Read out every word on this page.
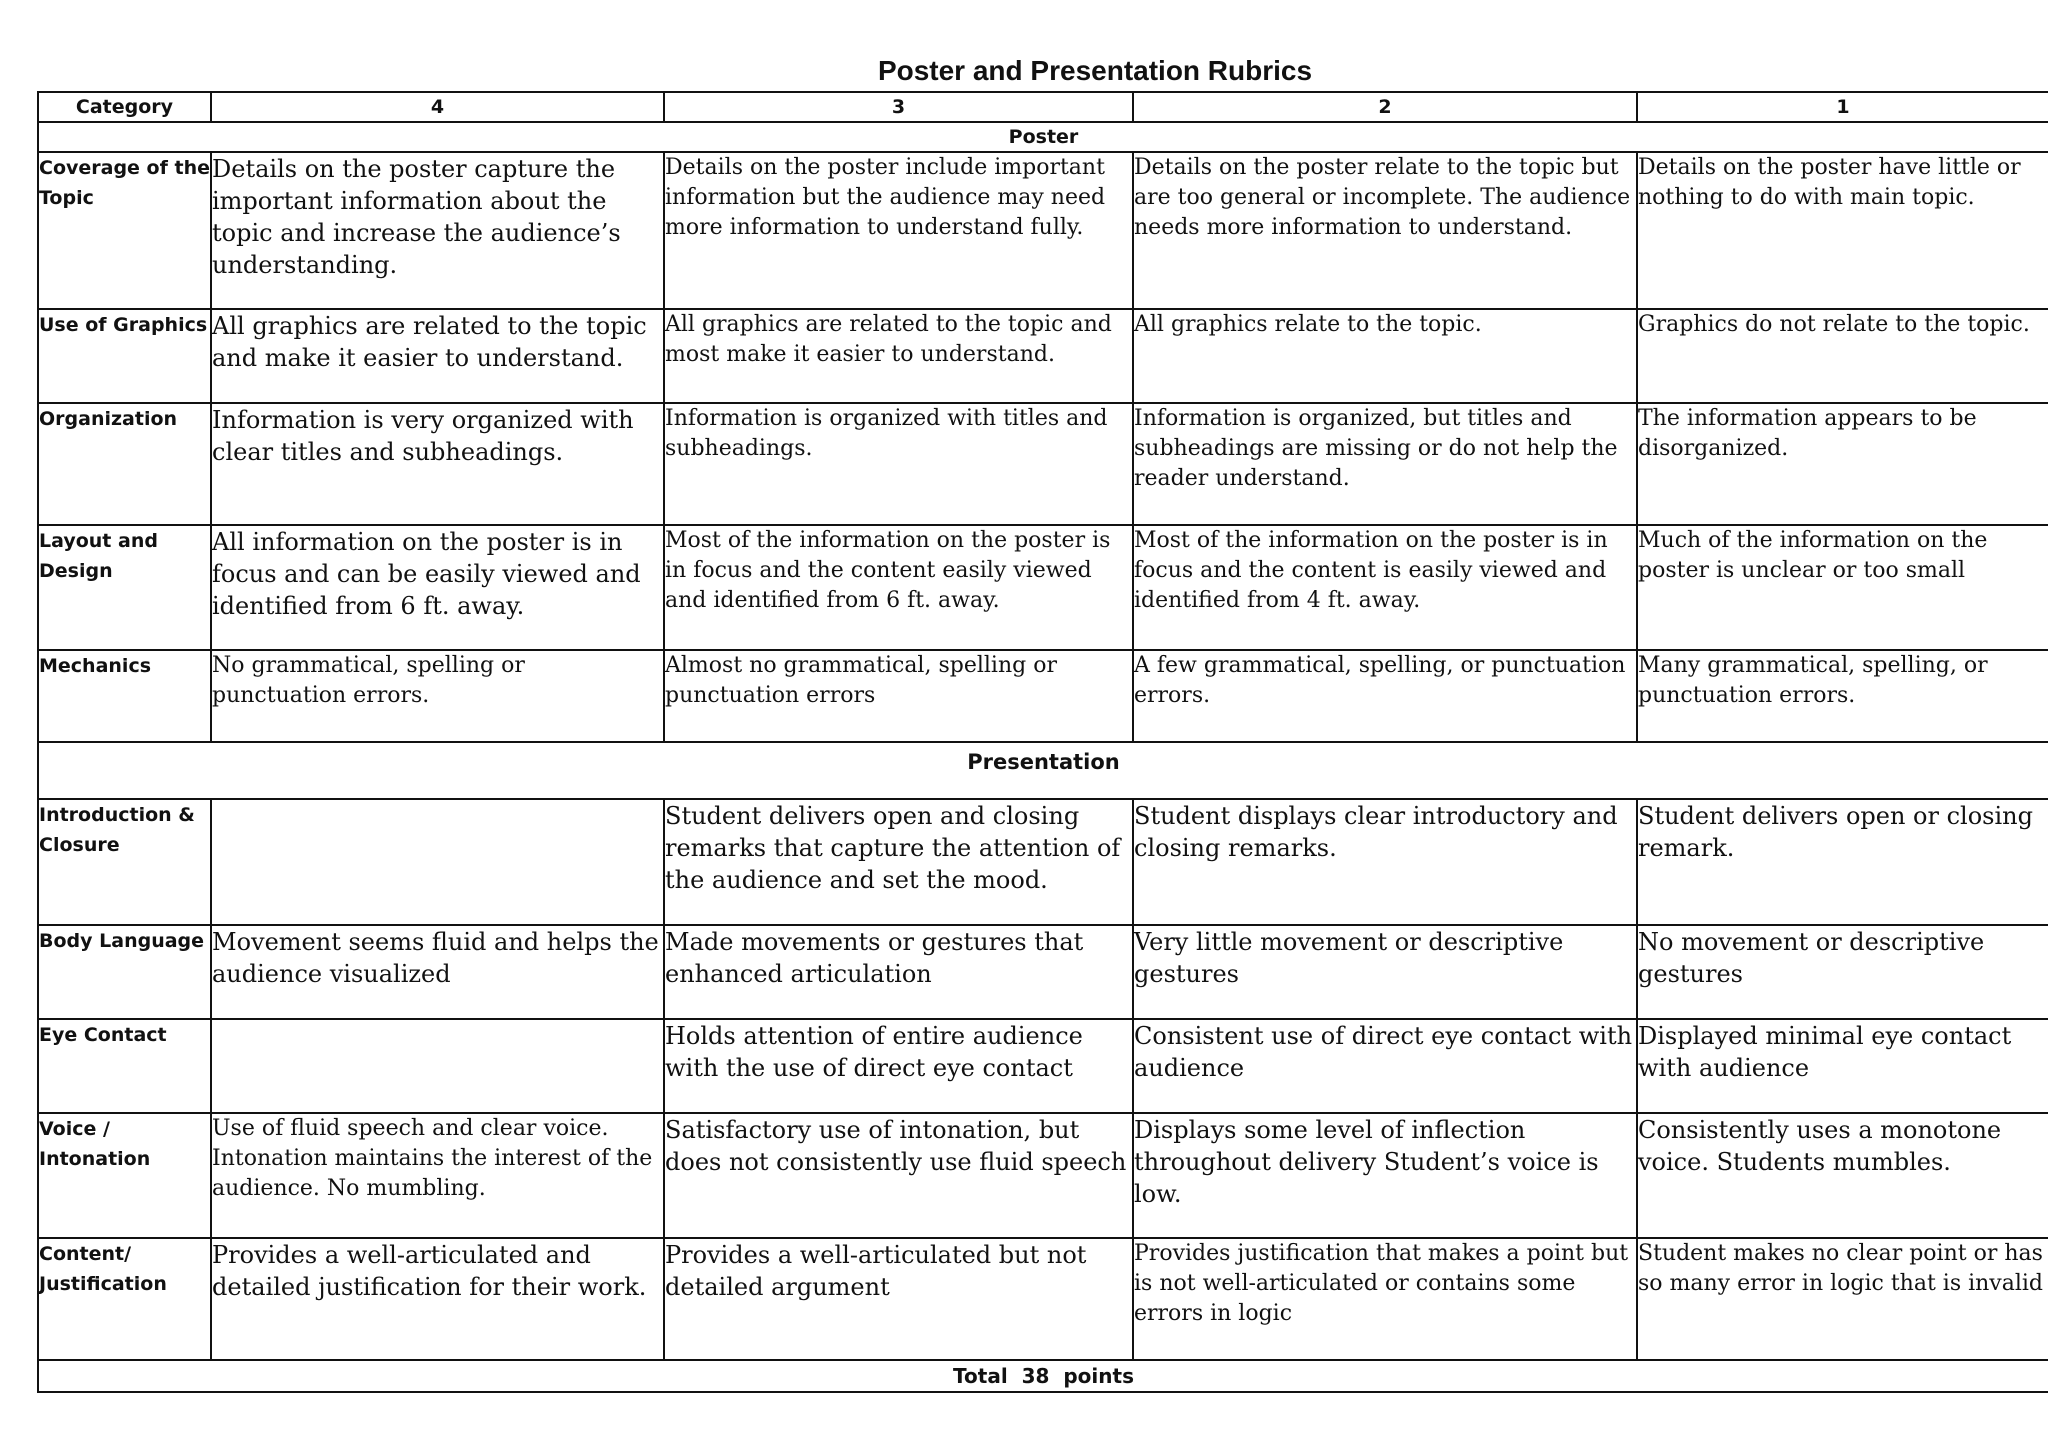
Poster and Presentation Rubrics
Category	4	3	2	1
Poster				
Coverage of the Topic	Details on the poster capture the important information about the topic and increase the audience’s understanding.	Details on the poster include important information but the audience may need more information to understand fully.	Details on the poster relate to the topic but are too general or incomplete. The audience needs more information to understand.	Details on the poster have little or nothing to do with main topic.
Use of Graphics	All graphics are related to the topic and make it easier to understand.	All graphics are related to the topic and most make it easier to understand.	All graphics relate to the topic.	Graphics do not relate to the topic.
Organization	Information is very organized with clear titles and subheadings.	Information is organized with titles and subheadings.	Information is organized, but titles and subheadings are missing or do not help the reader understand.	The information appears to be disorganized.
Layout and Design	All information on the poster is in focus and can be easily viewed and identified from 6 ft. away.	Most of the information on the poster is in focus and the content easily viewed and identified from 6 ft. away.	Most of the information on the poster is in focus and the content is easily viewed and identified from 4 ft. away.	Much of the information on the poster is unclear or too small
Mechanics	No grammatical, spelling or punctuation errors.	Almost no grammatical, spelling or punctuation errors	A few grammatical, spelling, or punctuation errors.	Many grammatical, spelling, or punctuation errors.
Presentation				
Introduction & Closure		Student delivers open and closing remarks that capture the attention of the audience and set the mood.	Student displays clear introductory and closing remarks.	Student delivers open or closing remark.
Body Language	Movement seems fluid and helps the audience visualized	Made movements or gestures that enhanced articulation	Very little movement or descriptive gestures	No movement or descriptive gestures
Eye Contact		Holds attention of entire audience with the use of direct eye contact	Consistent use of direct eye contact with audience	Displayed minimal eye contact with audience
Voice / Intonation	Use of fluid speech and clear voice. Intonation maintains the interest of the audience. No mumbling.	Satisfactory use of intonation, but does not consistently use fluid speech	Displays some level of inflection throughout delivery Student’s voice is low.	Consistently uses a monotone voice. Students mumbles.
Content/ Justification	Provides a well-articulated and detailed justification for their work.	Provides a well-articulated but not detailed argument	Provides justification that makes a point but is not well-articulated or contains some errors in logic	Student makes no clear point or has so many error in logic that is invalid
Total  38  points				
